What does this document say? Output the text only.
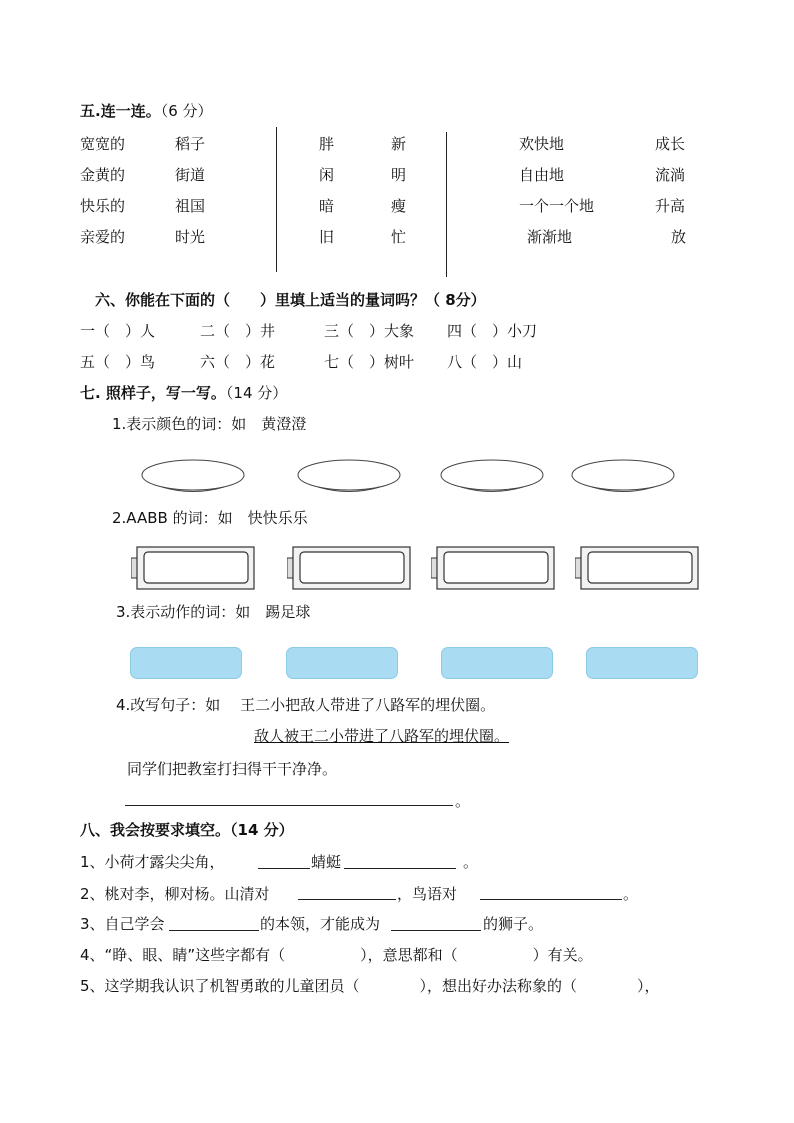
五.连一连。（6 分）
宽宽的	稻子
金黄的	街道
快乐的	祖国
亲爱的	时光
胖	新
闲	明
暗	瘦
旧	忙
欢快地	成长
自由地	流淌
一个一个地	升高
渐渐地	放
六、你能在下面的（　　）里填上适当的量词吗？（ 8分）
一（　）人	二（　）井	三（　）大象 四（　）小刀
五（　）鸟	六（　）花	七（　）树叶 八（　）山
七. 照样子，写一写。（14 分）
1.表示颜色的词：如　黄澄澄
2.AABB 的词：如　快快乐乐
3.表示动作的词：如　踢足球
4.改写句子：如　 王二小把敌人带进了八路军的埋伏圈。
敌人被王二小带进了八路军的埋伏圈。
同学们把教室打扫得干干净净。
。
八、我会按要求填空。（14 分）
1、小荷才露尖尖角，	蜻蜓	。
2、桃对李，柳对杨。山清对	，鸟语对	。
3、自己学会	的本领，才能成为	的狮子。
4、“睁、眼、睛”这些字都有（　　　　　），意思都和（　　　　　）有关。
5、这学期我认识了机智勇敢的儿童团员（　　　　），想出好办法称象的（　　　　），
